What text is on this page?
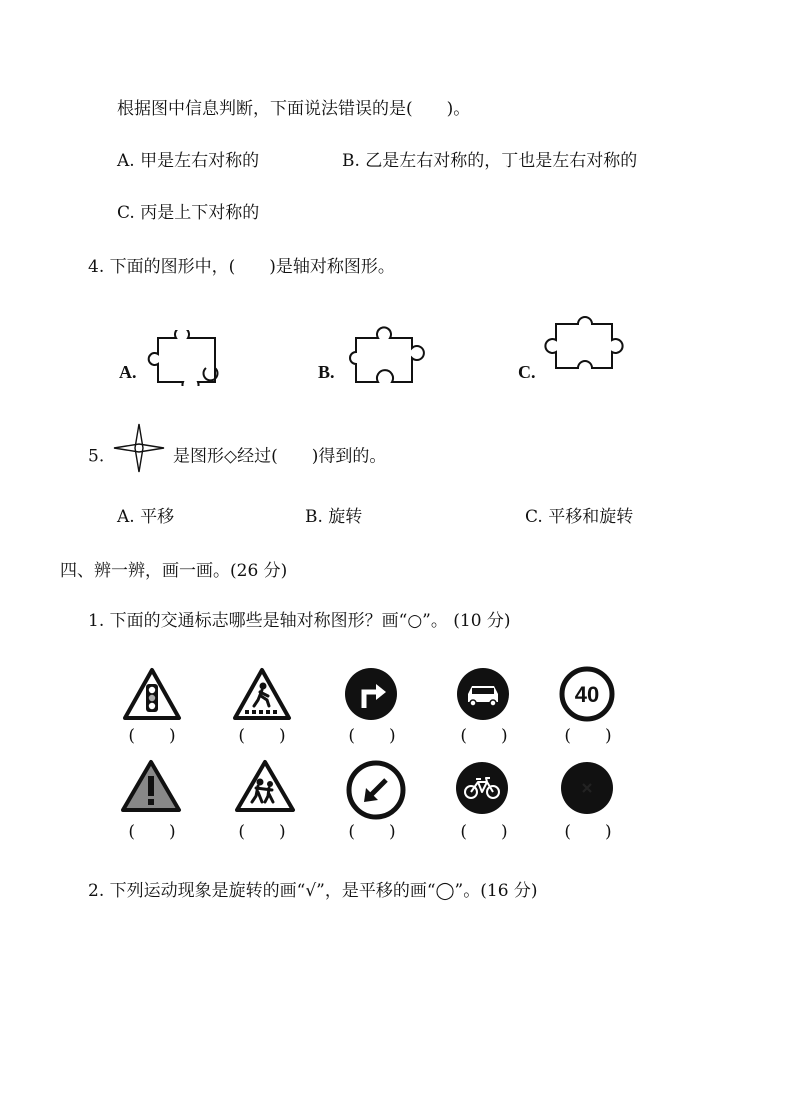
根据图中信息判断，下面说法错误的是(　　)。
A. 甲是左右对称的	B. 乙是左右对称的，丁也是左右对称的
C. 丙是上下对称的
4. 下面的图形中，(　　)是轴对称图形。
A.	B.	C.
5.	是图形◇经过(　　)得到的。
A. 平移	B. 旋转	C. 平移和旋转
四、辨一辨，画一画。(26 分)
1. 下面的交通标志哪些是轴对称图形？画“○”。 (10 分)
40
(　　)	(　　)	(　　)	(　　)	(　　)
(　　)	(　　)	(　　)	(　　)	(　　)
2. 下列运动现象是旋转的画“√”，是平移的画“◯”。(16 分)
